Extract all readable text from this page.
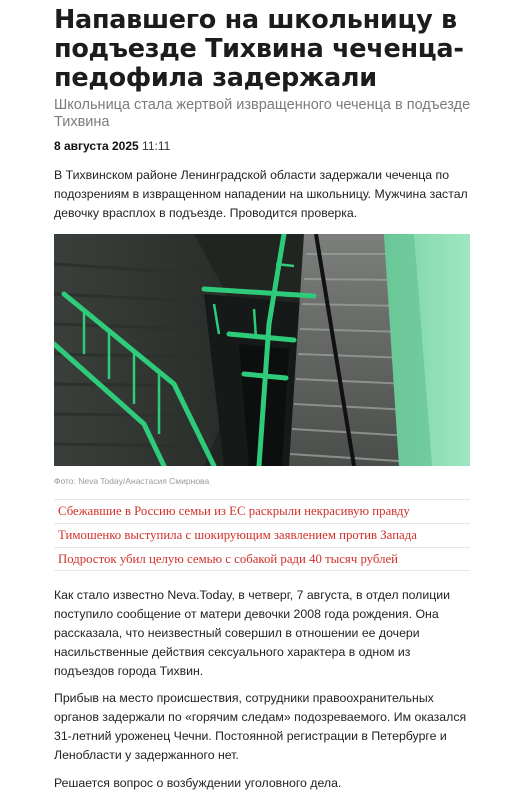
Напавшего на школьницу в подъезде Тихвина чеченца-педофила задержали

Школьница стала жертвой извращенного чеченца в подъезде Тихвина

8 августа 2025 11:11

В Тихвинском районе Ленинградской области задержали чеченца по подозрениям в извращенном нападении на школьницу. Мужчина застал девочку врасплох в подъезде. Проводится проверка.

Фото: Neva Today/Анастасия Смирнова
Сбежавшие в Россию семьи из ЕС раскрыли некрасивую правду
Тимошенко выступила с шокирующим заявлением против Запада
Подросток убил целую семью с собакой ради 40 тысяч рублей

Как стало известно Neva.Today, в четверг, 7 августа, в отдел полиции поступило сообщение от матери девочки 2008 года рождения. Она рассказала, что неизвестный совершил в отношении ее дочери насильственные действия сексуального характера в одном из подъездов города Тихвин.

Прибыв на место происшествия, сотрудники правоохранительных органов задержали по «горячим следам» подозреваемого. Им оказался 31-летний уроженец Чечни. Постоянной регистрации в Петербурге и Ленобласти у задержанного нет.

Решается вопрос о возбуждении уголовного дела.
